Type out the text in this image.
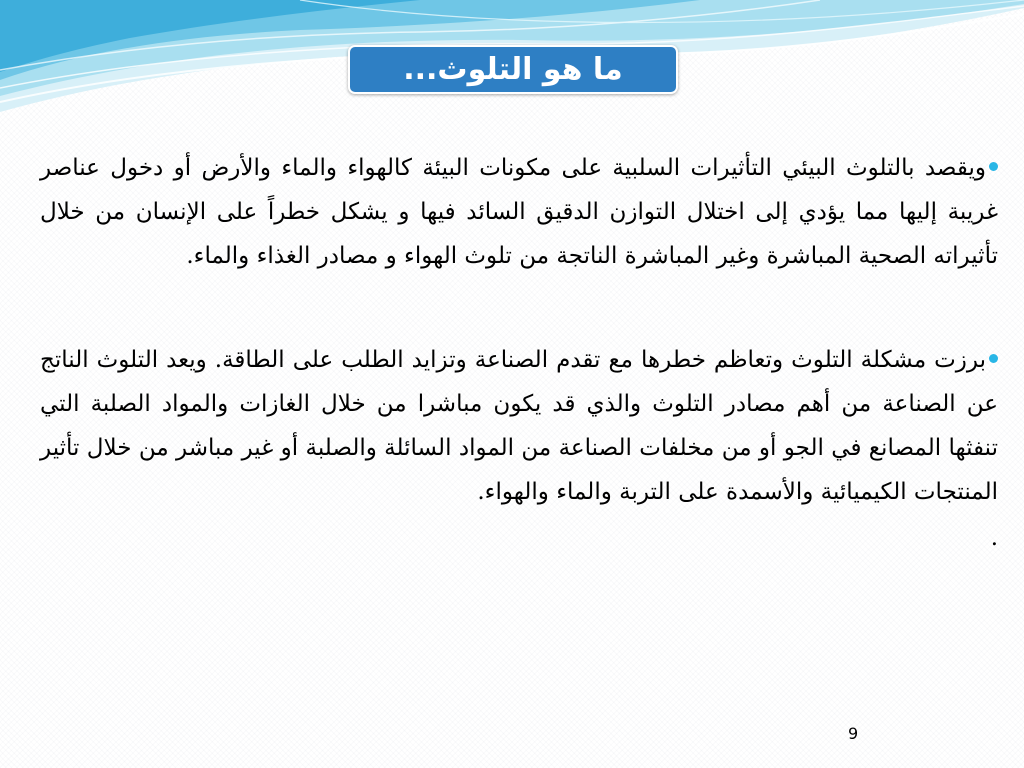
ما هو التلوث...

ويقصد بالتلوث البيئي التأثيرات السلبية على مكونات البيئة كالهواء والماء والأرض أو دخول عناصر غريبة إليها مما يؤدي إلى اختلال التوازن الدقيق السائد فيها و يشكل خطراً على الإنسان من خلال تأثيراته الصحية المباشرة وغير المباشرة الناتجة من تلوث الهواء و مصادر الغذاء والماء.

برزت مشكلة التلوث وتعاظم خطرها مع تقدم الصناعة وتزايد الطلب على الطاقة. ويعد التلوث الناتج عن الصناعة من أهم مصادر التلوث والذي قد يكون مباشرا من خلال الغازات والمواد الصلبة التي تنفثها المصانع في الجو أو من مخلفات الصناعة من المواد السائلة والصلبة أو غير مباشر من خلال تأثير المنتجات الكيميائية والأسمدة على التربة والماء والهواء.

.

9
